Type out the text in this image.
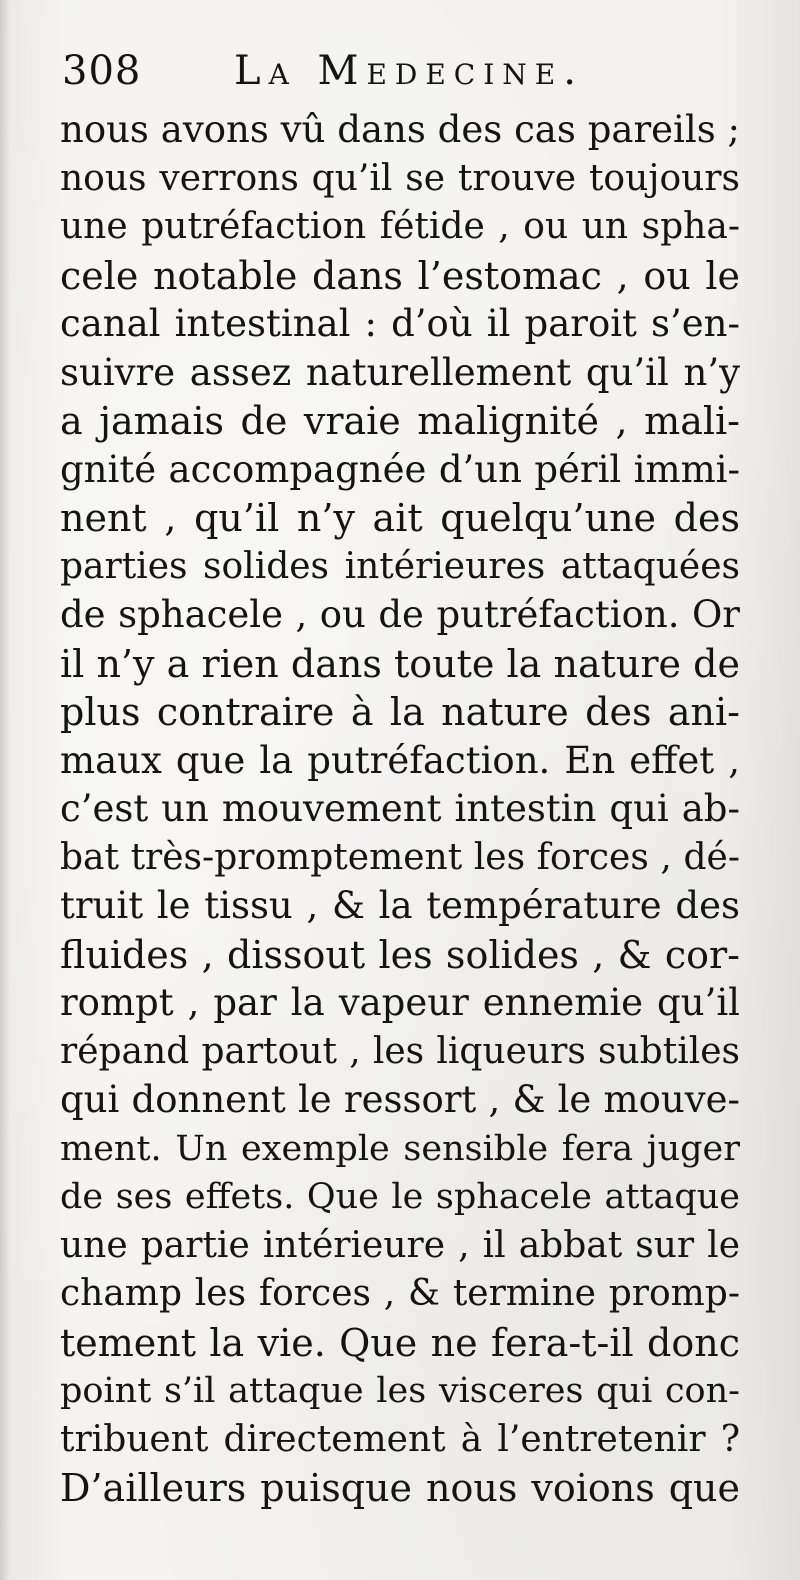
308 La Medecine.
nous avons vû dans des cas pareils ;
nous verrons qu’il se trouve toujours
une putréfaction fétide , ou un spha-
cele notable dans l’estomac , ou le
canal intestinal : d’où il paroit s’en-
suivre assez naturellement qu’il n’y
a jamais de vraie malignité , mali-
gnité accompagnée d’un péril immi-
nent , qu’il n’y ait quelqu’une des
parties solides intérieures attaquées
de sphacele , ou de putréfaction. Or
il n’y a rien dans toute la nature de
plus contraire à la nature des ani-
maux que la putréfaction. En effet ,
c’est un mouvement intestin qui ab-
bat très-promptement les forces , dé-
truit le tissu , & la température des
fluides , dissout les solides , & cor-
rompt , par la vapeur ennemie qu’il
répand partout , les liqueurs subtiles
qui donnent le ressort , & le mouve-
ment. Un exemple sensible fera juger
de ses effets. Que le sphacele attaque
une partie intérieure , il abbat sur le
champ les forces , & termine promp-
tement la vie. Que ne fera-t-il donc
point s’il attaque les visceres qui con-
tribuent directement à l’entretenir ?
D’ailleurs puisque nous voions que
